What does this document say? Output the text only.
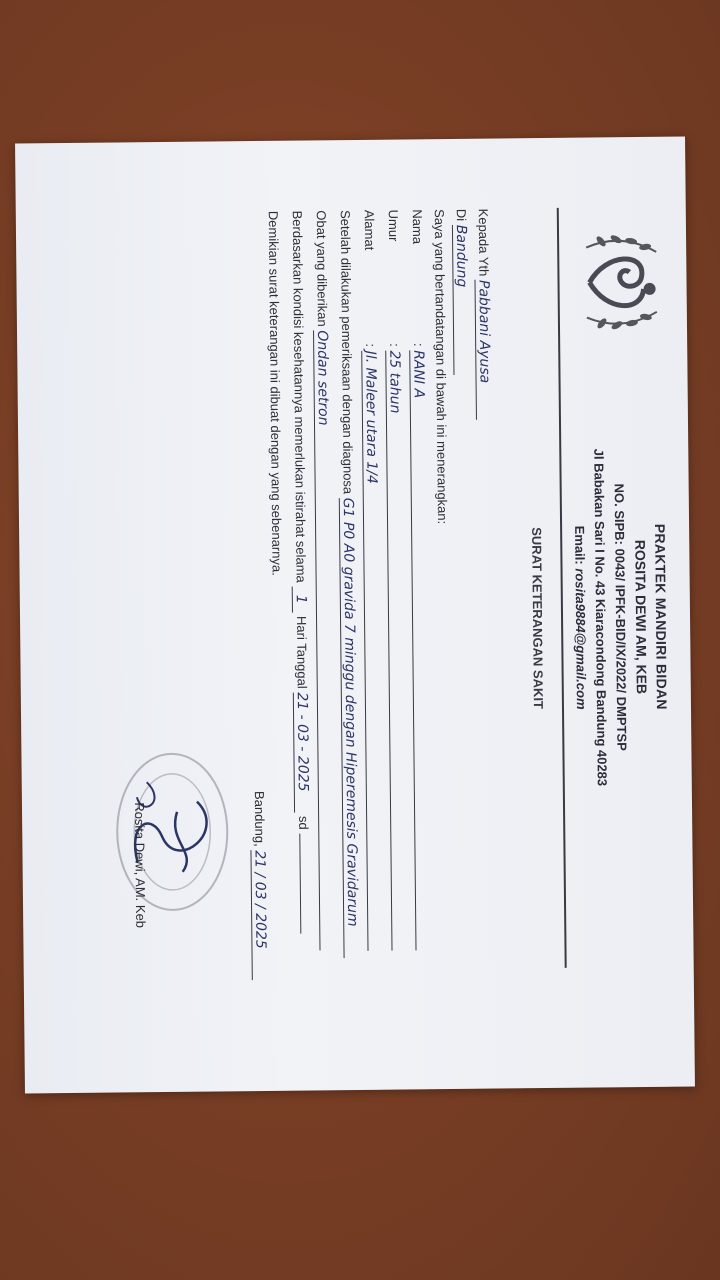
PRAKTEK MANDIRI BIDAN
ROSITA DEWI AM, KEB
NO. SIPB: 0043/ IPFK-BID/IX/2022/ DMPTSP
Jl Babakan Sari I No. 43 Kiaracondong Bandung 40283
Email: rosita9884@gmail.com
SURAT KETERANGAN SAKIT
Kepada Yth Pabbani Ayusa
Di Bandung
Saya yang bertandatangan di bawah ini menerangkan:
Nama : RANI A
Umur : 25 tahun
Alamat : Jl. Maleer utara 1/4
Setelah dilakukan pemeriksaan dengan diagnosa G1 P0 A0 gravida 7 minggu dengan Hiperemesis Gravidarum
Obat yang diberikan Ondan setron
Berdasarkan kondisi kesehatannya memerlukan istirahat selama 1 Hari Tanggal 21 - 03 - 2025 sd
Demikian surat keterangan ini dibuat dengan yang sebenarnya.
Bandung, 21 / 03 / 2025
Rosita Dewi, AM. Keb
